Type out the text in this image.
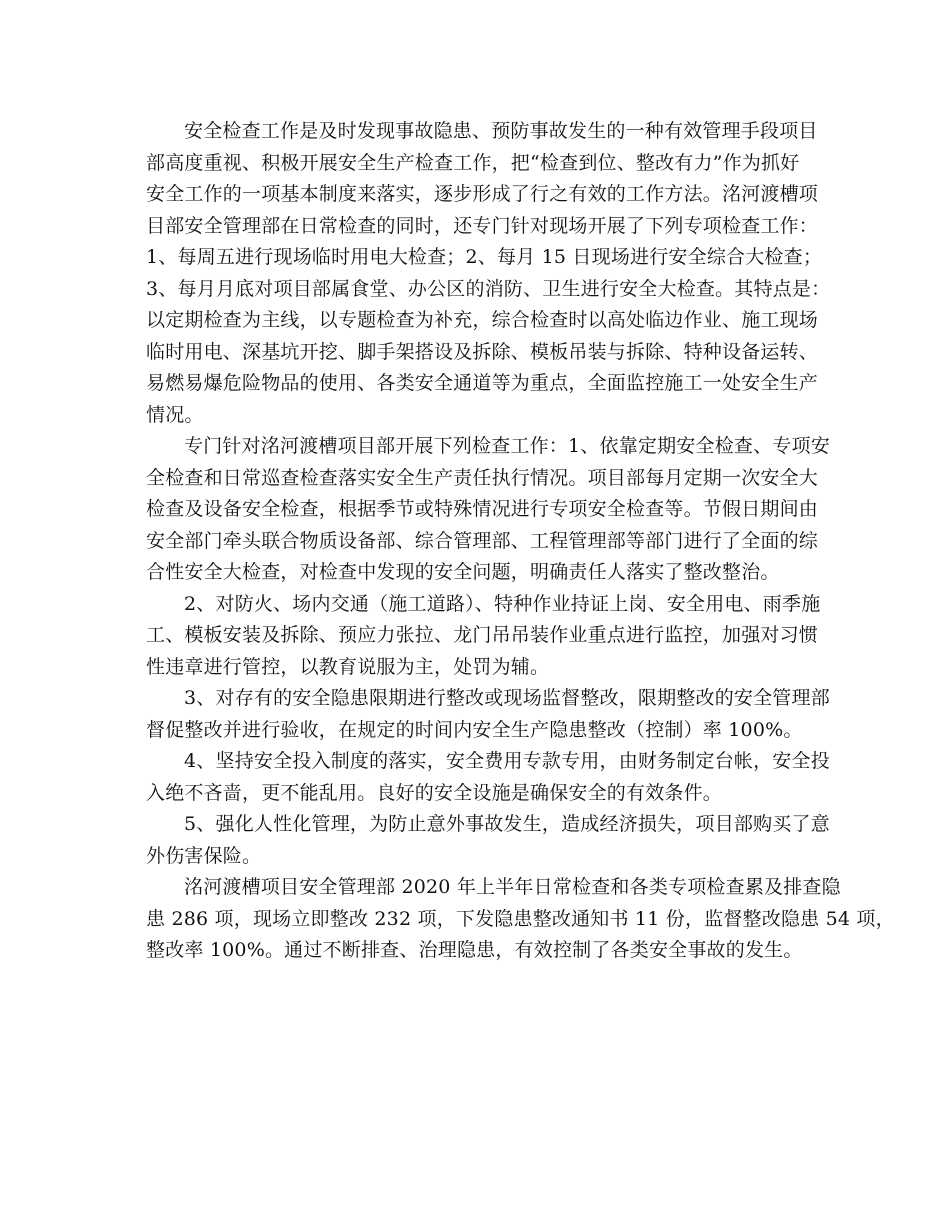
安全检查工作是及时发现事故隐患、预防事故发生的一种有效管理手段项目
部高度重视、积极开展安全生产检查工作，把“检查到位、整改有力”作为抓好
安全工作的一项基本制度来落实，逐步形成了行之有效的工作方法。洺河渡槽项
目部安全管理部在日常检查的同时，还专门针对现场开展了下列专项检查工作：
1、每周五进行现场临时用电大检查；2、每月 15 日现场进行安全综合大检查；
3、每月月底对项目部属食堂、办公区的消防、卫生进行安全大检查。其特点是：
以定期检查为主线，以专题检查为补充，综合检查时以高处临边作业、施工现场
临时用电、深基坑开挖、脚手架搭设及拆除、模板吊装与拆除、特种设备运转、
易燃易爆危险物品的使用、各类安全通道等为重点，全面监控施工一处安全生产
情况。

专门针对洺河渡槽项目部开展下列检查工作：1、依靠定期安全检查、专项安
全检查和日常巡查检查落实安全生产责任执行情况。项目部每月定期一次安全大
检查及设备安全检查，根据季节或特殊情况进行专项安全检查等。节假日期间由
安全部门牵头联合物质设备部、综合管理部、工程管理部等部门进行了全面的综
合性安全大检查，对检查中发现的安全问题，明确责任人落实了整改整治。

2、对防火、场内交通（施工道路）、特种作业持证上岗、安全用电、雨季施
工、模板安装及拆除、预应力张拉、龙门吊吊装作业重点进行监控，加强对习惯
性违章进行管控，以教育说服为主，处罚为辅。

3、对存有的安全隐患限期进行整改或现场监督整改，限期整改的安全管理部
督促整改并进行验收，在规定的时间内安全生产隐患整改（控制）率 100%。

4、坚持安全投入制度的落实，安全费用专款专用，由财务制定台帐，安全投
入绝不吝啬，更不能乱用。良好的安全设施是确保安全的有效条件。

5、强化人性化管理，为防止意外事故发生，造成经济损失，项目部购买了意
外伤害保险。

洺河渡槽项目安全管理部 2020 年上半年日常检查和各类专项检查累及排查隐
患 286 项，现场立即整改 232 项，下发隐患整改通知书 11 份，监督整改隐患 54 项，
整改率 100%。通过不断排查、治理隐患，有效控制了各类安全事故的发生。
